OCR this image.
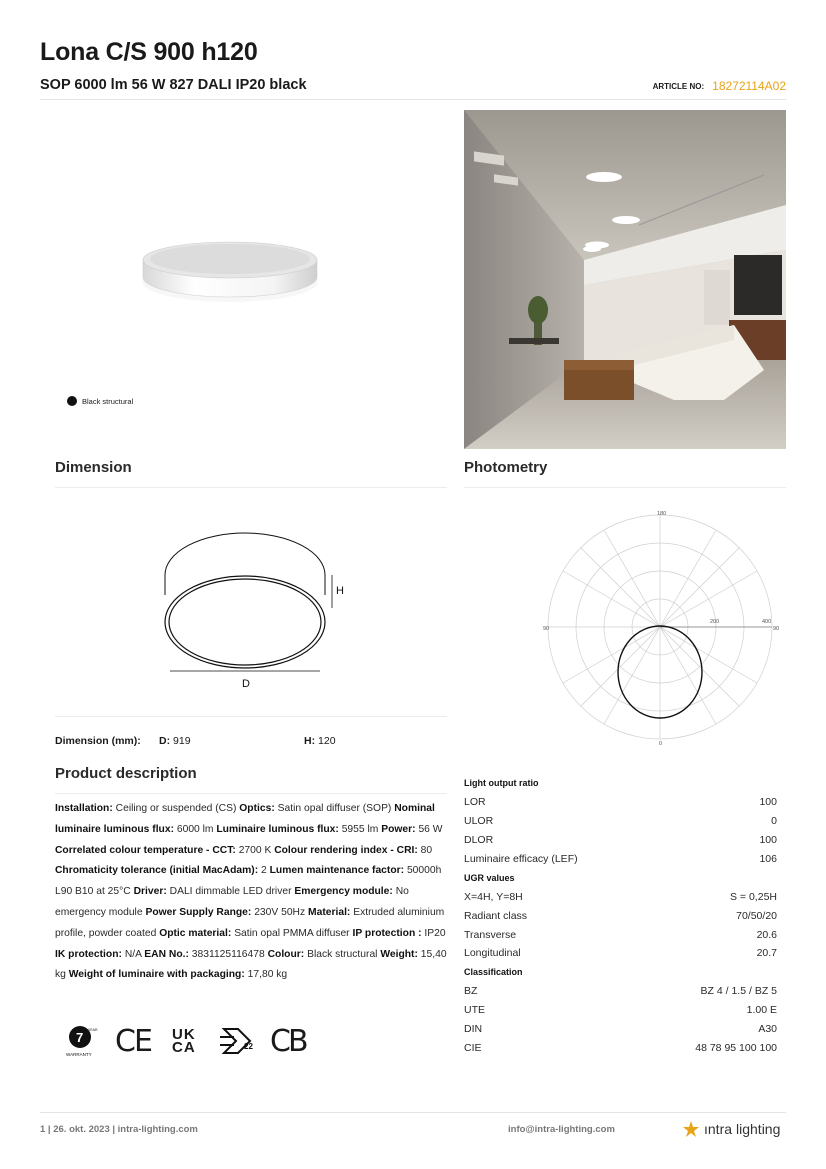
Lona C/S 900 h120
SOP 6000 lm 56 W 827 DALI IP20 black	ARTICLE NO: 18272114A02
Black structural
Dimension
H
D
Dimension (mm): D: 919	H: 120
Photometry
180
90	90
0
200	400
Product description
Installation: Ceiling or suspended (CS) Optics: Satin opal diffuser (SOP) Nominal luminaire luminous flux: 6000 lm Luminaire luminous flux: 5955 lm Power: 56 W Correlated colour temperature - CCT: 2700 K Colour rendering index - CRI: 80 Chromaticity tolerance (initial MacAdam): 2 Lumen maintenance factor: 50000h L90 B10 at 25°C Driver: DALI dimmable LED driver Emergency module: No emergency module Power Supply Range: 230V 50Hz Material: Extruded aluminium profile, powder coated Optic material: Satin opal PMMA diffuser IP protection : IP20 IK protection: N/A EAN No.: 3831125116478 Colour: Black structural Weight: 15,40 kg Weight of luminaire with packaging: 17,80 kg
Light output ratio
LOR	100
ULOR	0
DLOR	100
Luminaire efficacy (LEF)	106
UGR values
X=4H, Y=8H	S = 0,25H
Radiant class	70/50/20
Transverse	20.6
Longitudinal	20.7
Classification
BZ	BZ 4 / 1.5 / BZ 5
UTE	1.00 E
DIN	A30
CIE	48 78 95 100 100
7 YEAR
WARRANTY CE UK
CA	22 CB
1 | 26. okt. 2023 | intra-lighting.com	info@intra-lighting.com	ıntra lighting
